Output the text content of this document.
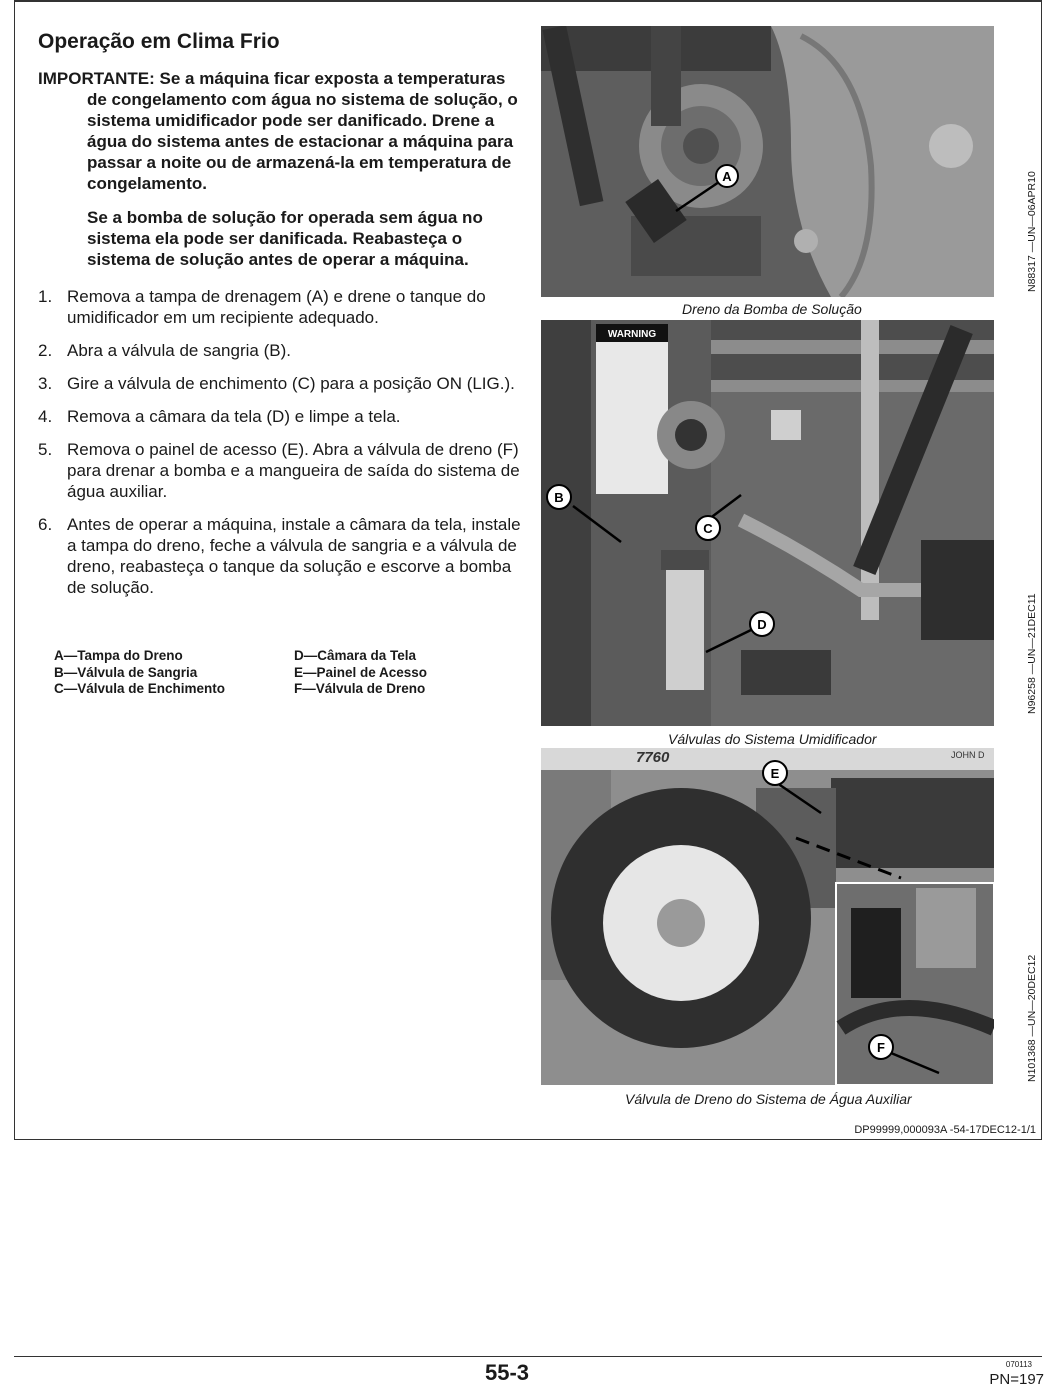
Operação em Clima Frio

IMPORTANTE: Se a máquina ficar exposta a temperaturas de congelamento com água no sistema de solução, o sistema umidificador pode ser danificado. Drene a água do sistema antes de estacionar a máquina para passar a noite ou de armazená-la em temperatura de congelamento.

Se a bomba de solução for operada sem água no sistema ela pode ser danificada. Reabasteça o sistema de solução antes de operar a máquina.

1. Remova a tampa de drenagem (A) e drene o tanque do umidificador em um recipiente adequado.
2. Abra a válvula de sangria (B).
3. Gire a válvula de enchimento (C) para a posição ON (LIG.).
4. Remova a câmara da tela (D) e limpe a tela.
5. Remova o painel de acesso (E). Abra a válvula de dreno (F) para drenar a bomba e a mangueira de saída do sistema de água auxiliar.
6. Antes de operar a máquina, instale a câmara da tela, instale a tampa do dreno, feche a válvula de sangria e a válvula de dreno, reabasteça o tanque da solução e escorve a bomba de solução.
A—Tampa do Dreno
B—Válvula de Sangria
C—Válvula de Enchimento
D—Câmara da Tela
E—Painel de Acesso
F—Válvula de Dreno
A
Dreno da Bomba de Solução
N88317 —UN—06APR10
WARNING
B
C
D
Válvulas do Sistema Umidificador
N96258 —UN—21DEC11
7760	JOHN D
E
F
Válvula de Dreno do Sistema de Água Auxiliar
N101368 —UN—20DEC12
DP99999,000093A -54-17DEC12-1/1
55-3	070113
PN=197
